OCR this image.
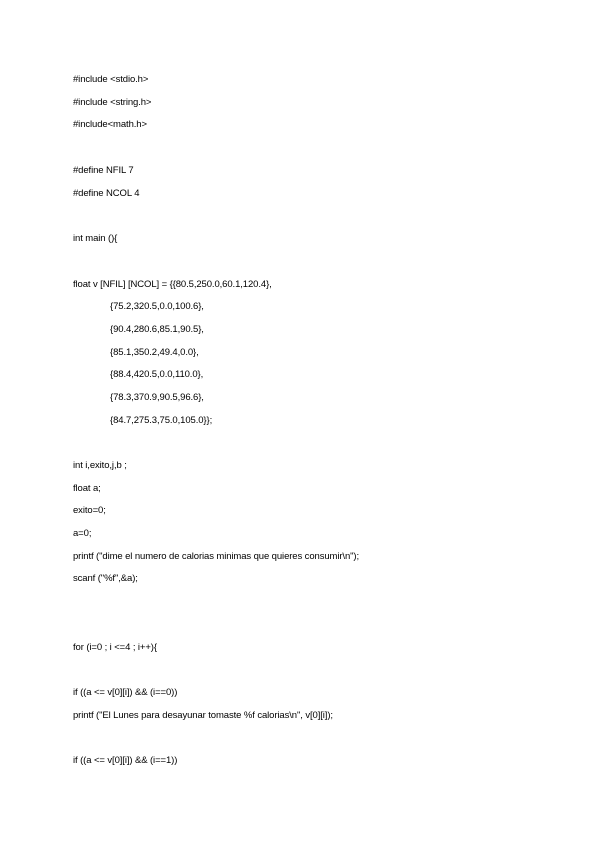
#include <stdio.h>
#include <string.h>
#include<math.h>
#define NFIL 7
#define NCOL 4
int main (){
float v [NFIL] [NCOL] = {{80.5,250.0,60.1,120.4},
{75.2,320.5,0.0,100.6},
{90.4,280.6,85.1,90.5},
{85.1,350.2,49.4,0.0},
{88.4,420.5,0.0,110.0},
{78.3,370.9,90.5,96.6},
{84.7,275.3,75.0,105.0}};
int i,exito,j,b ;
float a;
exito=0;
a=0;
printf ("dime el numero de calorias minimas que quieres consumir\n");
scanf ("%f",&a);
for (i=0 ; i <=4 ; i++){
if ((a <= v[0][i]) && (i==0))
printf ("El Lunes para desayunar tomaste %f calorias\n", v[0][i]);
if ((a <= v[0][i]) && (i==1))
